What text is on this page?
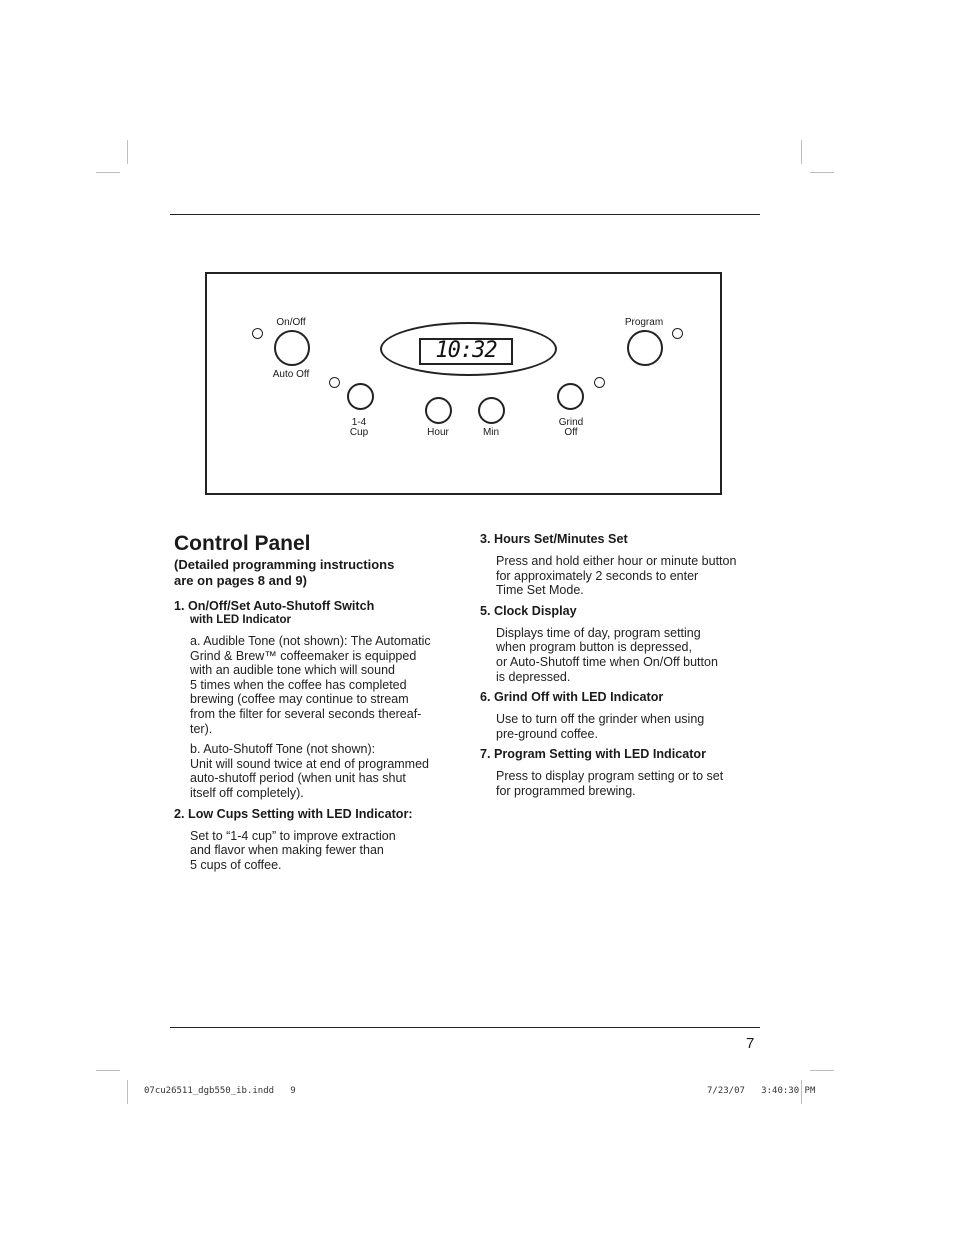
On/Off
Auto Off
10:32
Program
1-4
Cup	Hour	Min
Grind
Off
Control Panel

(Detailed programming instructions
are on pages 8 and 9)

1. On/Off/Set Auto-Shutoff Switch

with LED Indicator

a. Audible Tone (not shown): The Automatic
Grind & Brew™ coffeemaker is equipped
with an audible tone which will sound
5 times when the coffee has completed
brewing (coffee may continue to stream
from the filter for several seconds thereaf-
ter).

b. Auto-Shutoff Tone (not shown):
Unit will sound twice at end of programmed
auto-shutoff period (when unit has shut
itself off completely).

2. Low Cups Setting with LED Indicator:

Set to “1-4 cup” to improve extraction
and flavor when making fewer than
5 cups of coffee.

3. Hours Set/Minutes Set

Press and hold either hour or minute button
for approximately 2 seconds to enter
Time Set Mode.

5. Clock Display

Displays time of day, program setting
when program button is depressed,
or Auto-Shutoff time when On/Off button
is depressed.

6. Grind Off with LED Indicator

Use to turn off the grinder when using
pre-ground coffee.

7. Program Setting with LED Indicator

Press to display program setting or to set
for programmed brewing.

7
07cu26511_dgb550_ib.indd   9	7/23/07   3:40:30 PM
